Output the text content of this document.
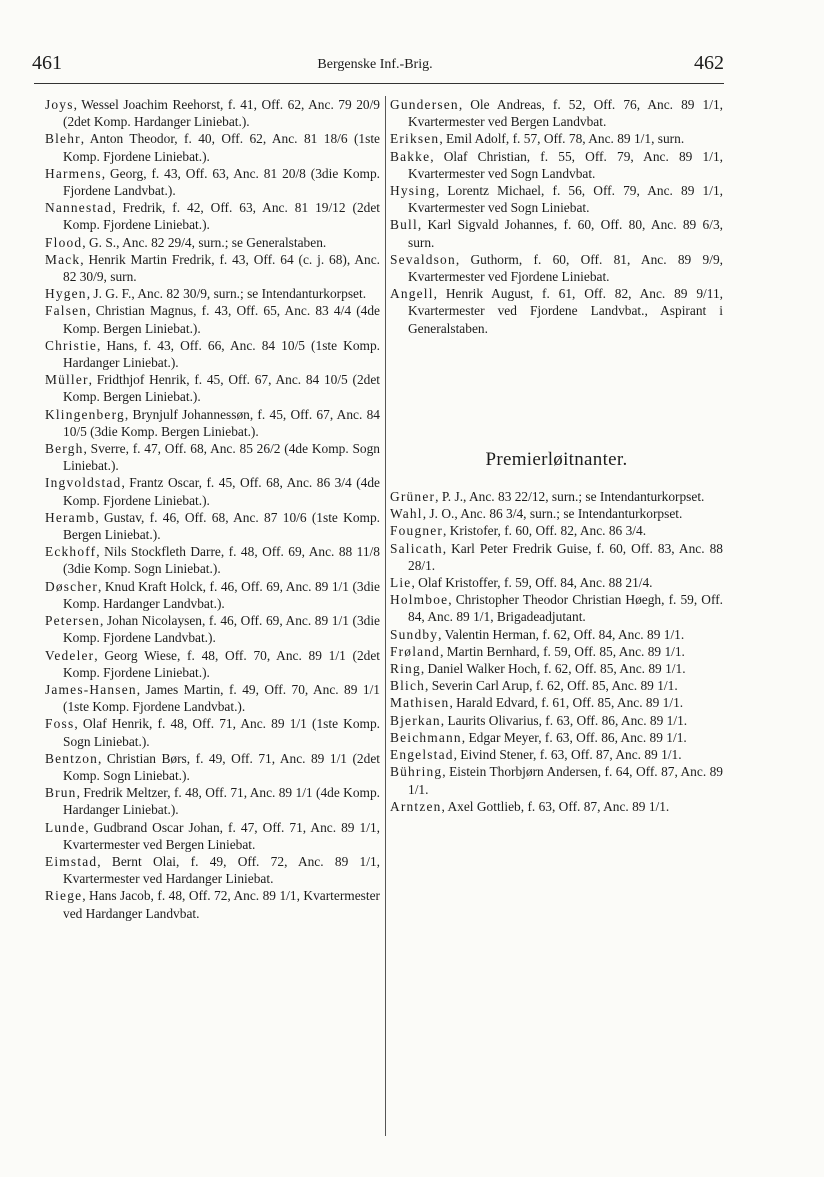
461	Bergenske Inf.-Brig.	462

Joys, Wessel Joachim Reehorst, f. 41, Off. 62, Anc. 79 20/9 (2det Komp. Hardanger Liniebat.).

Blehr, Anton Theodor, f. 40, Off. 62, Anc. 81 18/6 (1ste Komp. Fjordene Liniebat.).

Harmens, Georg, f. 43, Off. 63, Anc. 81 20/8 (3die Komp. Fjordene Landvbat.).

Nannestad, Fredrik, f. 42, Off. 63, Anc. 81 19/12 (2det Komp. Fjordene Liniebat.).

Flood, G. S., Anc. 82 29/4, surn.; se Generalstaben.

Mack, Henrik Martin Fredrik, f. 43, Off. 64 (c. j. 68), Anc. 82 30/9, surn.

Hygen, J. G. F., Anc. 82 30/9, surn.; se Intendanturkorpset.

Falsen, Christian Magnus, f. 43, Off. 65, Anc. 83 4/4 (4de Komp. Bergen Liniebat.).

Christie, Hans, f. 43, Off. 66, Anc. 84 10/5 (1ste Komp. Hardanger Liniebat.).

Müller, Fridthjof Henrik, f. 45, Off. 67, Anc. 84 10/5 (2det Komp. Bergen Liniebat.).

Klingenberg, Brynjulf Johannessøn, f. 45, Off. 67, Anc. 84 10/5 (3die Komp. Bergen Liniebat.).

Bergh, Sverre, f. 47, Off. 68, Anc. 85 26/2 (4de Komp. Sogn Liniebat.).

Ingvoldstad, Frantz Oscar, f. 45, Off. 68, Anc. 86 3/4 (4de Komp. Fjordene Liniebat.).

Heramb, Gustav, f. 46, Off. 68, Anc. 87 10/6 (1ste Komp. Bergen Liniebat.).

Eckhoff, Nils Stockfleth Darre, f. 48, Off. 69, Anc. 88 11/8 (3die Komp. Sogn Liniebat.).

Døscher, Knud Kraft Holck, f. 46, Off. 69, Anc. 89 1/1 (3die Komp. Hardanger Landvbat.).

Petersen, Johan Nicolaysen, f. 46, Off. 69, Anc. 89 1/1 (3die Komp. Fjordene Landvbat.).

Vedeler, Georg Wiese, f. 48, Off. 70, Anc. 89 1/1 (2det Komp. Fjordene Liniebat.).

James-Hansen, James Martin, f. 49, Off. 70, Anc. 89 1/1 (1ste Komp. Fjordene Landvbat.).

Foss, Olaf Henrik, f. 48, Off. 71, Anc. 89 1/1 (1ste Komp. Sogn Liniebat.).

Bentzon, Christian Børs, f. 49, Off. 71, Anc. 89 1/1 (2det Komp. Sogn Liniebat.).

Brun, Fredrik Meltzer, f. 48, Off. 71, Anc. 89 1/1 (4de Komp. Hardanger Liniebat.).

Lunde, Gudbrand Oscar Johan, f. 47, Off. 71, Anc. 89 1/1, Kvartermester ved Bergen Liniebat.

Eimstad, Bernt Olai, f. 49, Off. 72, Anc. 89 1/1, Kvartermester ved Hardanger Liniebat.

Riege, Hans Jacob, f. 48, Off. 72, Anc. 89 1/1, Kvartermester ved Hardanger Landvbat.

Gundersen, Ole Andreas, f. 52, Off. 76, Anc. 89 1/1, Kvartermester ved Bergen Landvbat.

Eriksen, Emil Adolf, f. 57, Off. 78, Anc. 89 1/1, surn.

Bakke, Olaf Christian, f. 55, Off. 79, Anc. 89 1/1, Kvartermester ved Sogn Landvbat.

Hysing, Lorentz Michael, f. 56, Off. 79, Anc. 89 1/1, Kvartermester ved Sogn Liniebat.

Bull, Karl Sigvald Johannes, f. 60, Off. 80, Anc. 89 6/3, surn.

Sevaldson, Guthorm, f. 60, Off. 81, Anc. 89 9/9, Kvartermester ved Fjordene Liniebat.

Angell, Henrik August, f. 61, Off. 82, Anc. 89 9/11, Kvartermester ved Fjordene Landvbat., Aspirant i Generalstaben.

Premierløitnanter.

Grüner, P. J., Anc. 83 22/12, surn.; se Intendanturkorpset.

Wahl, J. O., Anc. 86 3/4, surn.; se Intendanturkorpset.

Fougner, Kristofer, f. 60, Off. 82, Anc. 86 3/4.

Salicath, Karl Peter Fredrik Guise, f. 60, Off. 83, Anc. 88 28/1.

Lie, Olaf Kristoffer, f. 59, Off. 84, Anc. 88 21/4.

Holmboe, Christopher Theodor Christian Høegh, f. 59, Off. 84, Anc. 89 1/1, Brigadeadjutant.

Sundby, Valentin Herman, f. 62, Off. 84, Anc. 89 1/1.

Frøland, Martin Bernhard, f. 59, Off. 85, Anc. 89 1/1.

Ring, Daniel Walker Hoch, f. 62, Off. 85, Anc. 89 1/1.

Blich, Severin Carl Arup, f. 62, Off. 85, Anc. 89 1/1.

Mathisen, Harald Edvard, f. 61, Off. 85, Anc. 89 1/1.

Bjerkan, Laurits Olivarius, f. 63, Off. 86, Anc. 89 1/1.

Beichmann, Edgar Meyer, f. 63, Off. 86, Anc. 89 1/1.

Engelstad, Eivind Stener, f. 63, Off. 87, Anc. 89 1/1.

Bühring, Eistein Thorbjørn Andersen, f. 64, Off. 87, Anc. 89 1/1.

Arntzen, Axel Gottlieb, f. 63, Off. 87, Anc. 89 1/1.
